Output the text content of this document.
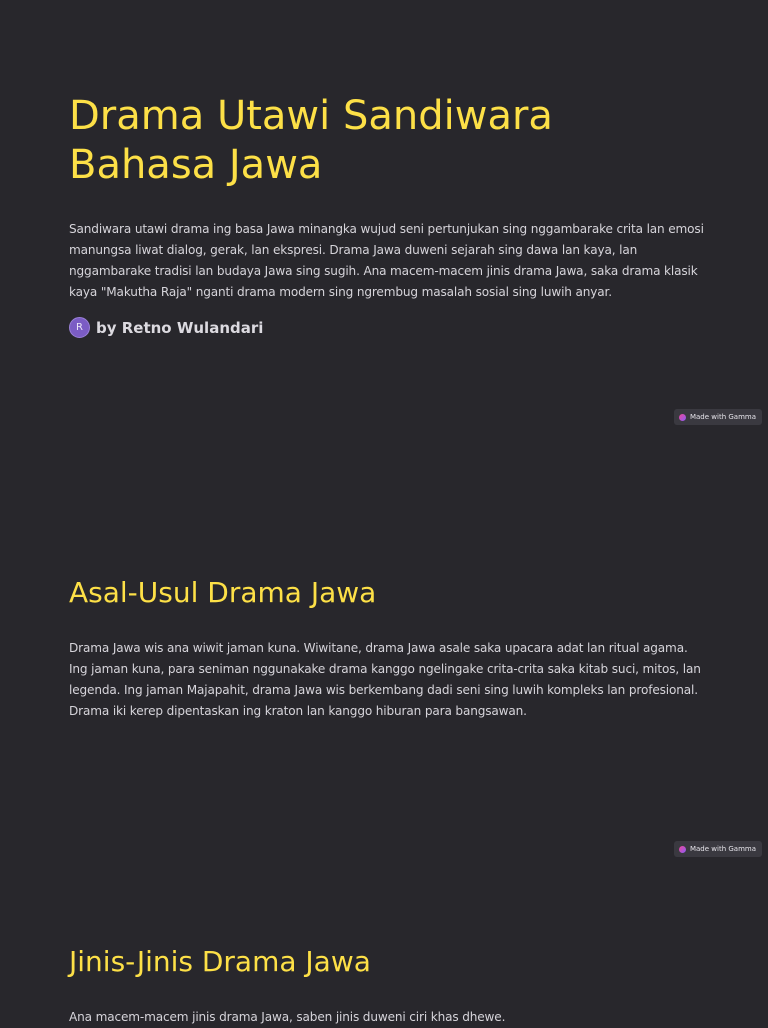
Drama Utawi Sandiwara Bahasa Jawa

Sandiwara utawi drama ing basa Jawa minangka wujud seni pertunjukan sing nggambarake crita lan emosi manungsa liwat dialog, gerak, lan ekspresi. Drama Jawa duweni sejarah sing dawa lan kaya, lan nggambarake tradisi lan budaya Jawa sing sugih. Ana macem-macem jinis drama Jawa, saka drama klasik kaya "Makutha Raja" nganti drama modern sing ngrembug masalah sosial sing luwih anyar.

R by Retno Wulandari
Made with Gamma
Asal-Usul Drama Jawa

Drama Jawa wis ana wiwit jaman kuna. Wiwitane, drama Jawa asale saka upacara adat lan ritual agama. Ing jaman kuna, para seniman nggunakake drama kanggo ngelingake crita-crita saka kitab suci, mitos, lan legenda. Ing jaman Majapahit, drama Jawa wis berkembang dadi seni sing luwih kompleks lan profesional. Drama iki kerep dipentaskan ing kraton lan kanggo hiburan para bangsawan.

Made with Gamma
Jinis-Jinis Drama Jawa

Ana macem-macem jinis drama Jawa, saben jinis duweni ciri khas dhewe.
